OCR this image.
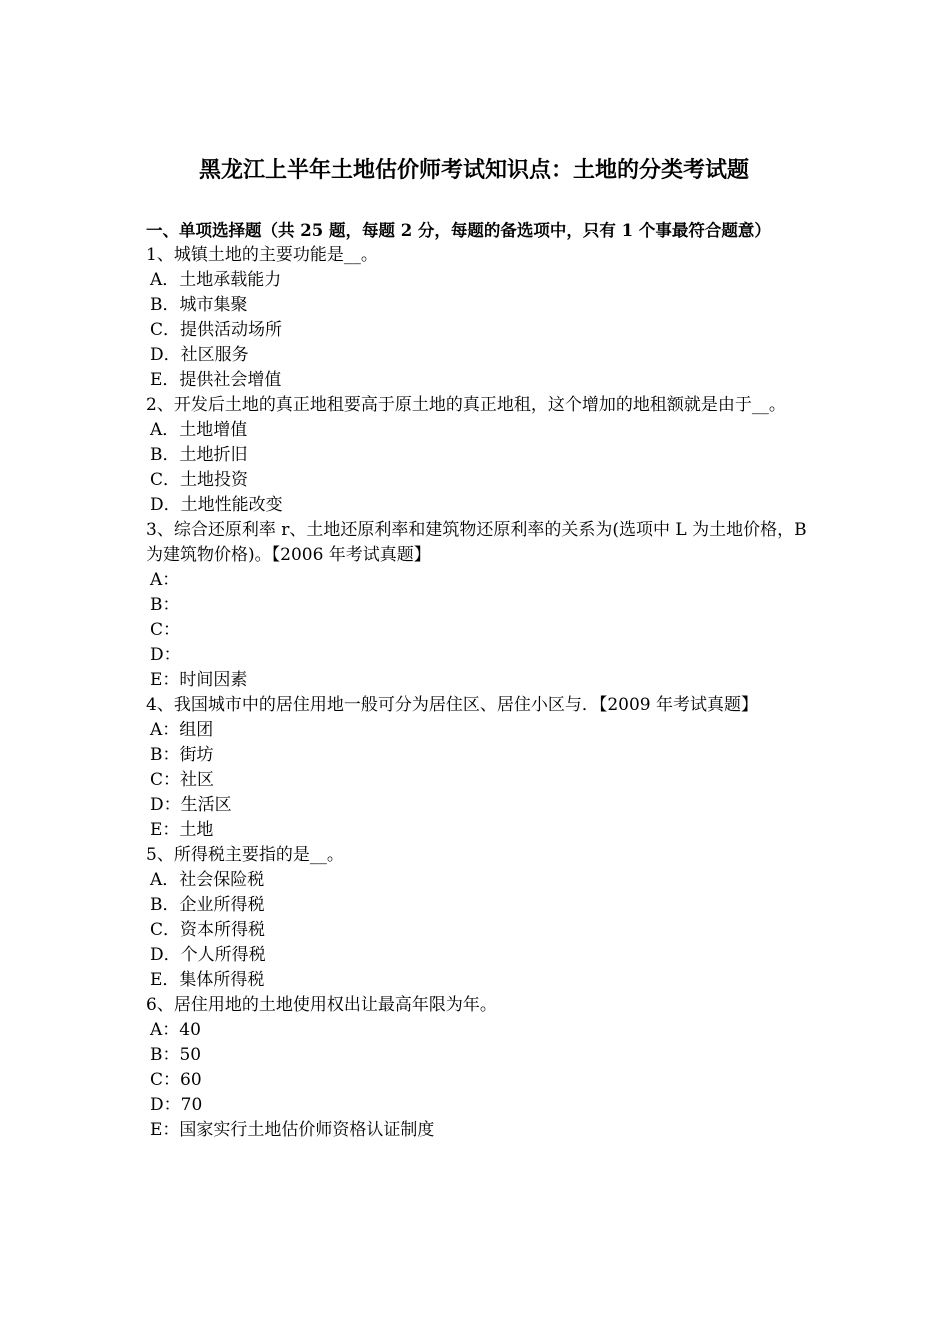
黑龙江上半年土地估价师考试知识点：土地的分类考试题
一、单项选择题（共 25 题，每题 2 分，每题的备选项中，只有 1 个事最符合题意）

1、城镇土地的主要功能是__。

A．土地承载能力

B．城市集聚

C．提供活动场所

D．社区服务

E．提供社会增值

2、开发后土地的真正地租要高于原土地的真正地租，这个增加的地租额就是由于__。

A．土地增值

B．土地折旧

C．土地投资

D．土地性能改变

3、综合还原利率 r、土地还原利率和建筑物还原利率的关系为(选项中 L 为土地价格，B 为建筑物价格)。【2006 年考试真题】

A：

B：

C：

D：

E：时间因素

4、我国城市中的居住用地一般可分为居住区、居住小区与．【2009 年考试真题】

A：组团

B：街坊

C：社区

D：生活区

E：土地

5、所得税主要指的是__。

A．社会保险税

B．企业所得税

C．资本所得税

D．个人所得税

E．集体所得税

6、居住用地的土地使用权出让最高年限为年。

A：40

B：50

C：60

D：70

E：国家实行土地估价师资格认证制度
